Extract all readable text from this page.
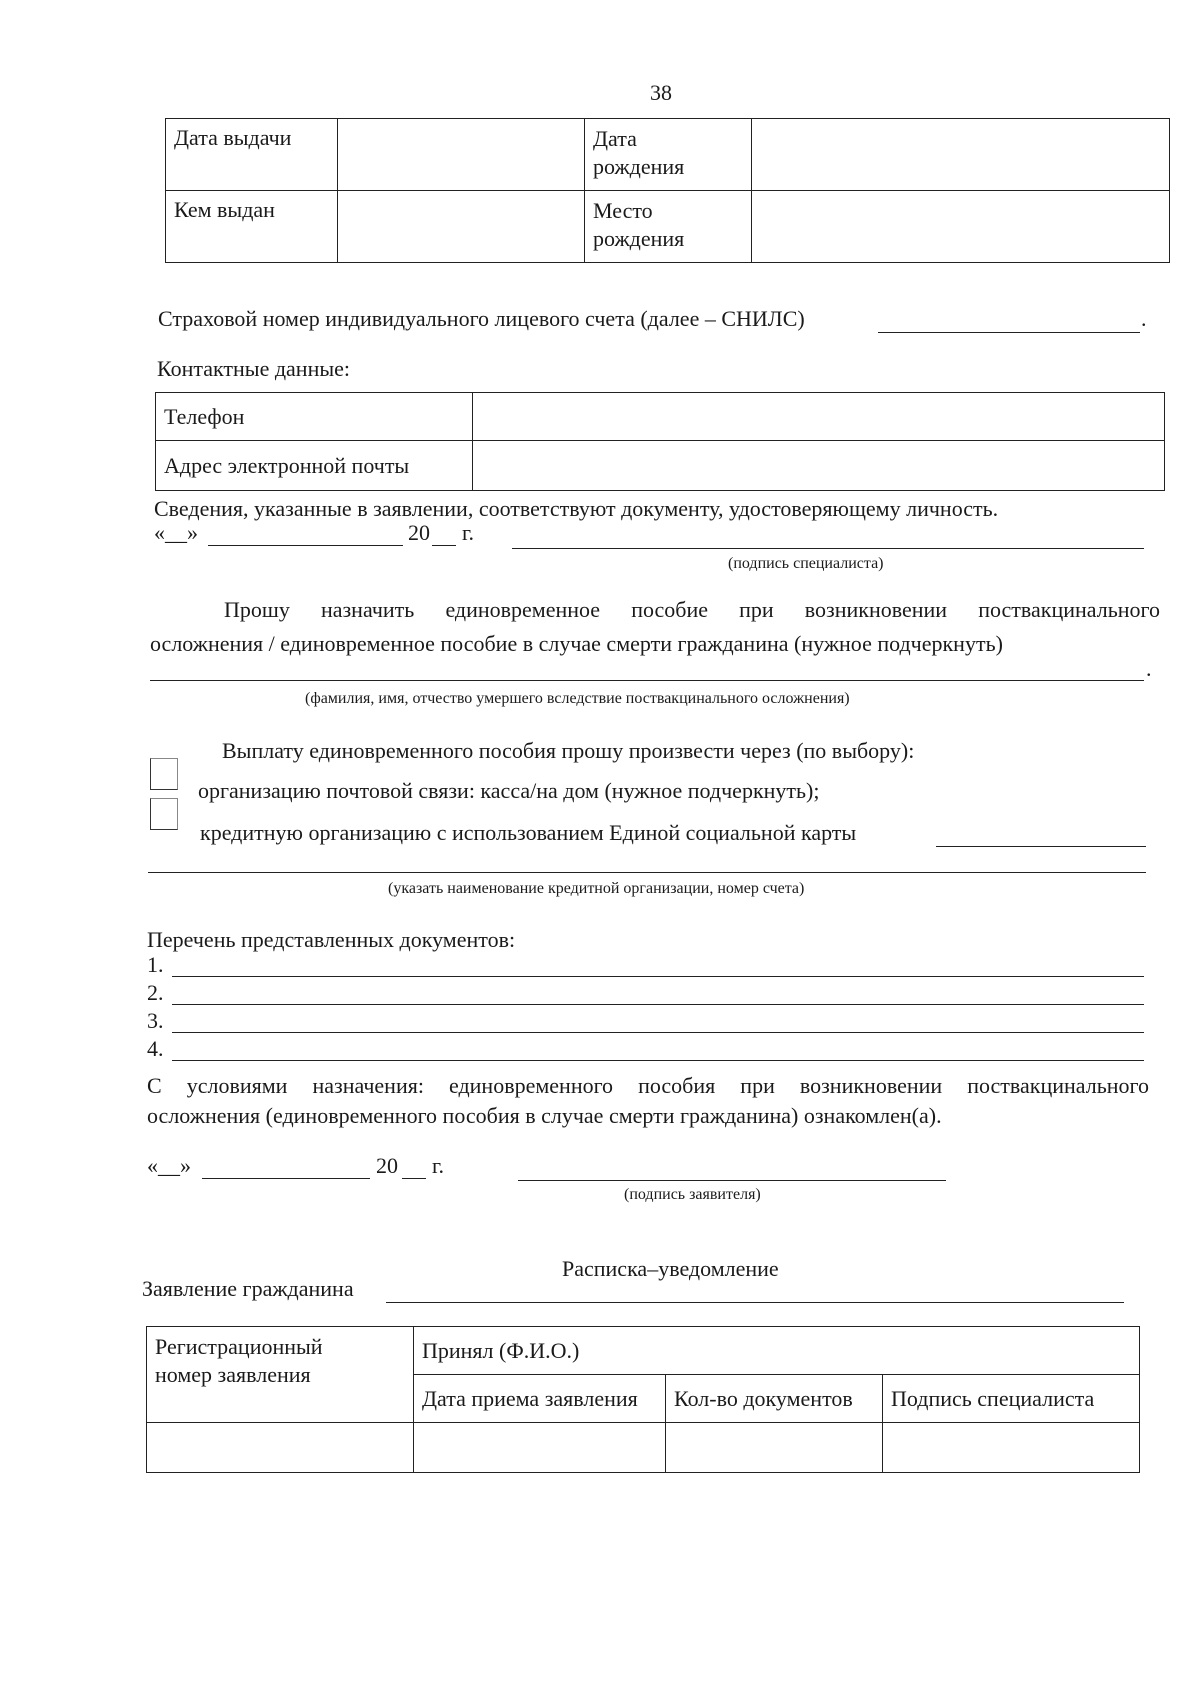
38
Дата выдачи		Дата
рождения	
Кем выдан		Место
рождения	
Страховой номер индивидуального лицевого счета (далее – СНИЛС)	.
Контактные данные:
Телефон	
Адрес электронной почты	
Сведения, указанные в заявлении, соответствуют документу, удостоверяющему личность.
«__»	20 г.
(подпись специалиста)
Прошу назначить единовременное пособие при возникновении поствакцинального
осложнения / единовременное пособие в случае смерти гражданина (нужное подчеркнуть)
.
(фамилия, имя, отчество умершего вследствие поствакцинального осложнения)
Выплату единовременного пособия прошу произвести через (по выбору):
организацию почтовой связи: касса/на дом (нужное подчеркнуть);
кредитную организацию с использованием Единой социальной карты
(указать наименование кредитной организации, номер счета)
Перечень представленных документов:
1.
2.
3.
4.
С условиями назначения: единовременного пособия при возникновении поствакцинального
осложнения (единовременного пособия в случае смерти гражданина) ознакомлен(а).
«__»	20 г.
(подпись заявителя)
Расписка–уведомление
Заявление гражданина
Регистрационный
номер заявления	Принял (Ф.И.О.)		
	Дата приема заявления	Кол-во документов	Подпись специалиста
